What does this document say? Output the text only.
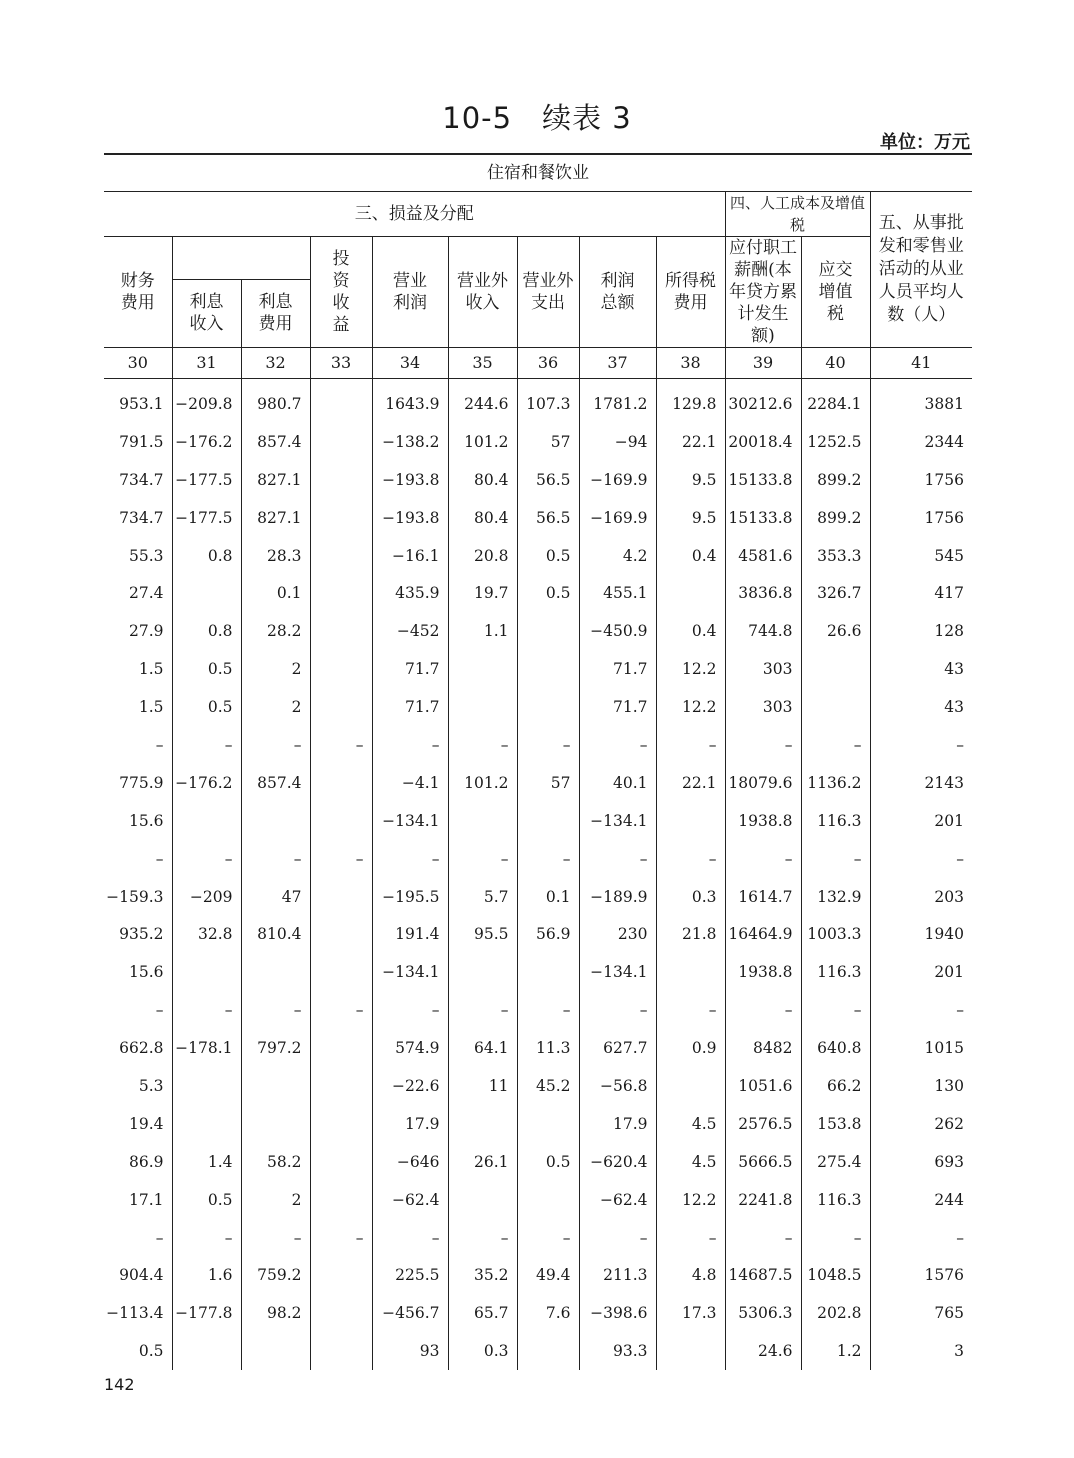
10-5　续表 3
单位：万元
住宿和餐饮业											
三、损益及分配									四、人工成本及增值税		五、从事批发和零售业活动的从业人员平均人数（人）
财务费用			投资收益	营业利润	营业外收入	营业外支出	利润总额	所得税费用	应付职工薪酬(本年贷方累计发生额)	应交增值税	
	利息收入	利息费用									
30	31	32	33	34	35	36	37	38	39	40	41
953.1	−209.8	980.7		1643.9	244.6	107.3	1781.2	129.8	30212.6	2284.1	3881
791.5	−176.2	857.4		−138.2	101.2	57	−94	22.1	20018.4	1252.5	2344
734.7	−177.5	827.1		−193.8	80.4	56.5	−169.9	9.5	15133.8	899.2	1756
734.7	−177.5	827.1		−193.8	80.4	56.5	−169.9	9.5	15133.8	899.2	1756
55.3	0.8	28.3		−16.1	20.8	0.5	4.2	0.4	4581.6	353.3	545
27.4		0.1		435.9	19.7	0.5	455.1		3836.8	326.7	417
27.9	0.8	28.2		−452	1.1		−450.9	0.4	744.8	26.6	128
1.5	0.5	2		71.7			71.7	12.2	303		43
1.5	0.5	2		71.7			71.7	12.2	303		43
–	–	–	–	–	–	–	–	–	–	–	–
775.9	−176.2	857.4		−4.1	101.2	57	40.1	22.1	18079.6	1136.2	2143
15.6				−134.1			−134.1		1938.8	116.3	201
–	–	–	–	–	–	–	–	–	–	–	–
−159.3	−209	47		−195.5	5.7	0.1	−189.9	0.3	1614.7	132.9	203
935.2	32.8	810.4		191.4	95.5	56.9	230	21.8	16464.9	1003.3	1940
15.6				−134.1			−134.1		1938.8	116.3	201
–	–	–	–	–	–	–	–	–	–	–	–
662.8	−178.1	797.2		574.9	64.1	11.3	627.7	0.9	8482	640.8	1015
5.3				−22.6	11	45.2	−56.8		1051.6	66.2	130
19.4				17.9			17.9	4.5	2576.5	153.8	262
86.9	1.4	58.2		−646	26.1	0.5	−620.4	4.5	5666.5	275.4	693
17.1	0.5	2		−62.4			−62.4	12.2	2241.8	116.3	244
–	–	–	–	–	–	–	–	–	–	–	–
904.4	1.6	759.2		225.5	35.2	49.4	211.3	4.8	14687.5	1048.5	1576
−113.4	−177.8	98.2		−456.7	65.7	7.6	−398.6	17.3	5306.3	202.8	765
0.5				93	0.3		93.3		24.6	1.2	3
142
